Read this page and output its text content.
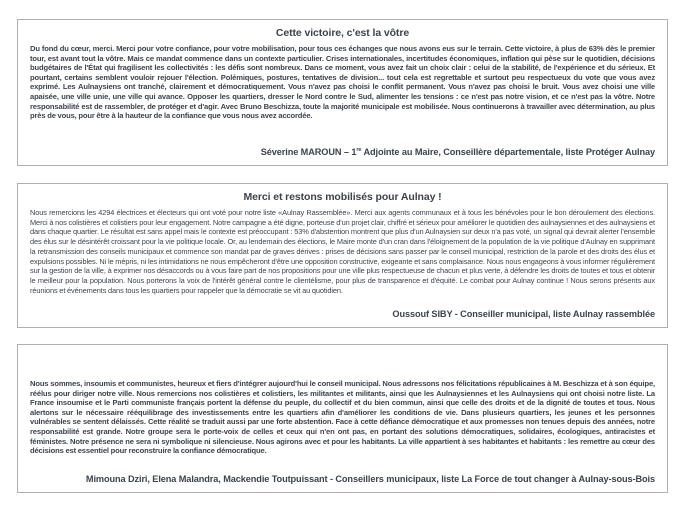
Cette victoire, c'est la vôtre
Du fond du cœur, merci. Merci pour votre confiance, pour votre mobilisation, pour tous ces échanges que nous avons eus sur le terrain. Cette victoire, à plus de 63% dès le premier tour, est avant tout la vôtre. Mais ce mandat commence dans un contexte particulier. Crises internationales, incertitudes économiques, inflation qui pèse sur le quotidien, décisions budgétaires de l'État qui fragilisent les collectivités : les défis sont nombreux. Dans ce moment, vous avez fait un choix clair : celui de la stabilité, de l'expérience et du sérieux. Et pourtant, certains semblent vouloir rejouer l'élection. Polémiques, postures, tentatives de division... tout cela est regrettable et surtout peu respectueux du vote que vous avez exprimé. Les Aulnaysiens ont tranché, clairement et démocratiquement. Vous n'avez pas choisi le conflit permanent. Vous n'avez pas choisi le bruit. Vous avez choisi une ville apaisée, une ville unie, une ville qui avance. Opposer les quartiers, dresser le Nord contre le Sud, alimenter les tensions : ce n'est pas notre vision, et ce n'est pas la vôtre. Notre responsabilité est de rassembler, de protéger et d'agir. Avec Bruno Beschizza, toute la majorité municipale est mobilisée. Nous continuerons à travailler avec détermination, au plus près de vous, pour être à la hauteur de la confiance que vous nous avez accordée.
Séverine MAROUN – 1re Adjointe au Maire, Conseillère départementale, liste Protéger Aulnay
Merci et restons mobilisés pour Aulnay !
Nous remercions les 4294 électrices et électeurs qui ont voté pour notre liste «Aulnay Rassemblée». Merci aux agents communaux et à tous les bénévoles pour le bon déroulement des élections. Merci à nos colistières et colistiers pour leur engagement. Notre campagne a été digne, porteuse d'un projet clair, chiffré et sérieux pour améliorer le quotidien des aulnaysiennes et des aulnaysiens et dans chaque quartier. Le résultat est sans appel mais le contexte est préoccupant : 53% d'abstention montrent que plus d'un Aulnaysien sur deux n'a pas voté, un signal qui devrait alerter l'ensemble des élus sur le désintérêt croissant pour la vie politique locale. Or, au lendemain des élections, le Maire monte d'un cran dans l'éloignement de la population de la vie politique d'Aulnay en supprimant la retransmission des conseils municipaux et commence son mandat par de graves dérives : prises de décisions sans passer par le conseil municipal, restriction de la parole et des droits des élus et expulsions possibles. Ni le mépris, ni les intimidations ne nous empêcheront d'être une opposition constructive, exigeante et sans complaisance. Nous nous engageons à vous informer régulièrement sur la gestion de la ville, à exprimer nos désaccords ou à vous faire part de nos propositions pour une ville plus respectueuse de chacun et plus verte, à défendre les droits de toutes et tous et obtenir le meilleur pour la population. Nous porterons la voix de l'intérêt général contre le clientélisme, pour plus de transparence et d'équité. Le combat pour Aulnay continue ! Nous serons présents aux réunions et événements dans tous les quartiers pour rappeler que la démocratie se vit au quotidien.
Oussouf SIBY - Conseiller municipal, liste Aulnay rassemblée
Nous sommes, insoumis et communistes, heureux et fiers d'intégrer aujourd'hui le conseil municipal. Nous adressons nos félicitations républicaines à M. Beschizza et à son équipe, réélus pour diriger notre ville. Nous remercions nos colistières et colistiers, les militantes et militants, ainsi que les Aulnaysiennes et les Aulnaysiens qui ont choisi notre liste. La France insoumise et le Parti communiste français portent la défense du peuple, du collectif et du bien commun, ainsi que celle des droits et de la dignité de toutes et tous. Nous alertons sur le nécessaire rééquilibrage des investissements entre les quartiers afin d'améliorer les conditions de vie. Dans plusieurs quartiers, les jeunes et les personnes vulnérables se sentent délaissés. Cette réalité se traduit aussi par une forte abstention. Face à cette défiance démocratique et aux promesses non tenues depuis des années, notre responsabilité est grande. Notre groupe sera le porte-voix de celles et ceux qui n'en ont pas, en portant des solutions démocratiques, solidaires, écologiques, antiracistes et féministes. Notre présence ne sera ni symbolique ni silencieuse. Nous agirons avec et pour les habitants. La ville appartient à ses habitantes et habitants : les remettre au cœur des décisions est essentiel pour reconstruire la confiance démocratique.
Mimouna Dziri, Elena Malandra, Mackendie Toutpuissant - Conseillers municipaux, liste La Force de tout changer à Aulnay-sous-Bois
